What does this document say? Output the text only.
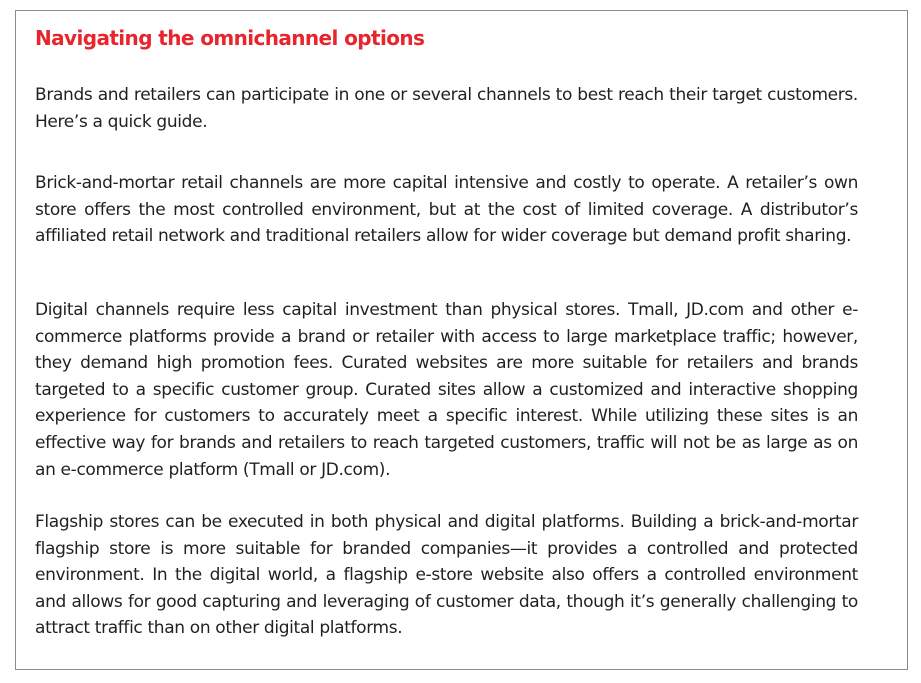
Navigating the omnichannel options

Brands and retailers can participate in one or several channels to best reach their target customers. Here’s a quick guide.

Brick-and-mortar retail channels are more capital intensive and costly to operate. A retailer’s own store offers the most controlled environment, but at the cost of limited coverage. A distributor’s affiliated retail network and traditional retailers allow for wider coverage but demand profit sharing.

Digital channels require less capital investment than physical stores. Tmall, JD.com and other e-commerce platforms provide a brand or retailer with access to large marketplace traffic; however, they demand high promotion fees. Curated websites are more suitable for retailers and brands targeted to a specific customer group. Curated sites allow a customized and interactive shopping experience for customers to accurately meet a specific interest. While utilizing these sites is an effective way for brands and retailers to reach targeted customers, traffic will not be as large as on an e-commerce platform (Tmall or JD.com).

Flagship stores can be executed in both physical and digital platforms. Building a brick-and-mortar flagship store is more suitable for branded companies—it provides a controlled and protected environment. In the digital world, a flagship e-store website also offers a controlled environment and allows for good capturing and leveraging of customer data, though it’s generally challenging to attract traffic than on other digital platforms.
